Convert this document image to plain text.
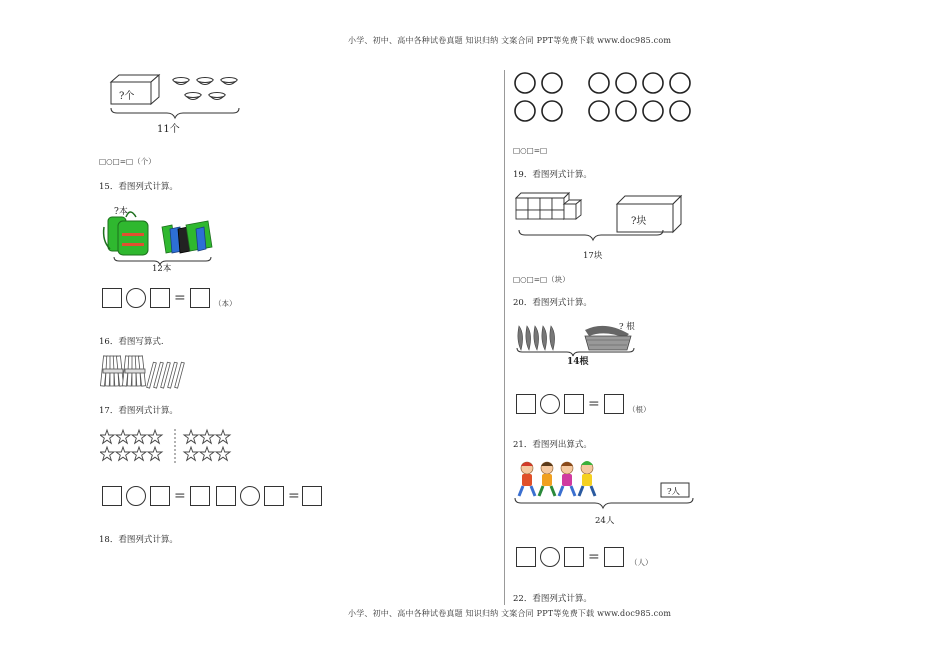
小学、初中、高中各种试卷真题 知识归纳 文案合同 PPT等免费下载 www.doc985.com
小学、初中、高中各种试卷真题 知识归纳 文案合同 PPT等免费下载 www.doc985.com
?个
11个
□○□=□（个）
15．看图列式计算。
?本
12本
=	（本）
16．看图写算式.
17．看图列式计算。
=	=
18．看图列式计算。
□○□=□
19．看图列式计算。
?块
17块
□○□=□（块）
20．看图列式计算。
? 根
14根
=	（根）
21．看图列出算式。
?人
24人
=	（人）
22．看图列式计算。
